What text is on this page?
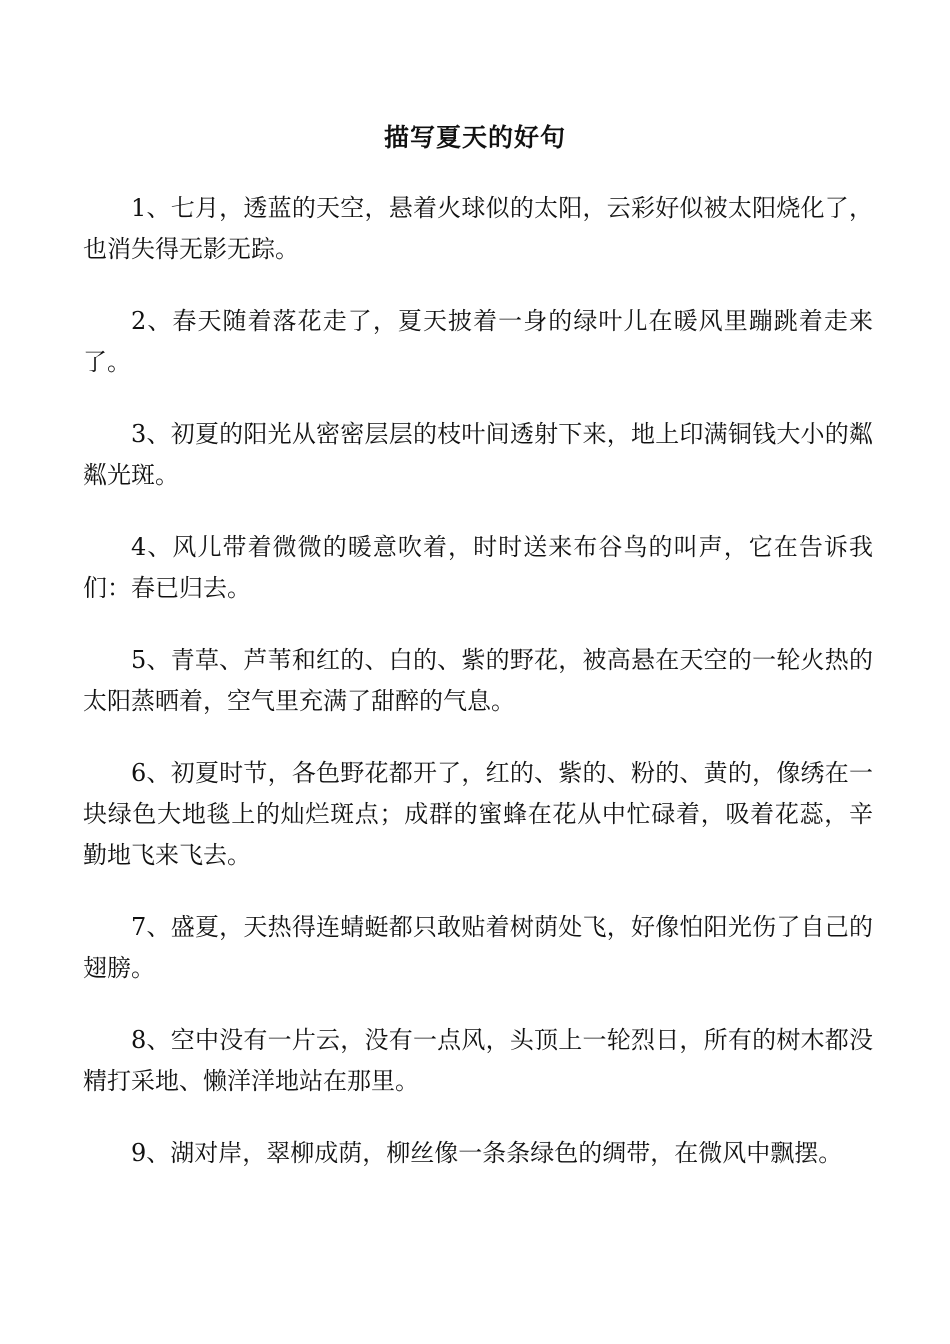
描写夏天的好句

1、七月，透蓝的天空，悬着火球似的太阳，云彩好似被太阳烧化了，也消失得无影无踪。

2、春天随着落花走了，夏天披着一身的绿叶儿在暖风里蹦跳着走来了。

3、初夏的阳光从密密层层的枝叶间透射下来，地上印满铜钱大小的粼粼光斑。

4、风儿带着微微的暖意吹着，时时送来布谷鸟的叫声，它在告诉我们：春已归去。

5、青草、芦苇和红的、白的、紫的野花，被高悬在天空的一轮火热的太阳蒸晒着，空气里充满了甜醉的气息。

6、初夏时节，各色野花都开了，红的、紫的、粉的、黄的，像绣在一块绿色大地毯上的灿烂斑点；成群的蜜蜂在花从中忙碌着，吸着花蕊，辛勤地飞来飞去。

7、盛夏，天热得连蜻蜓都只敢贴着树荫处飞，好像怕阳光伤了自己的翅膀。

8、空中没有一片云，没有一点风，头顶上一轮烈日，所有的树木都没精打采地、懒洋洋地站在那里。

9、湖对岸，翠柳成荫，柳丝像一条条绿色的绸带，在微风中飘摆。
